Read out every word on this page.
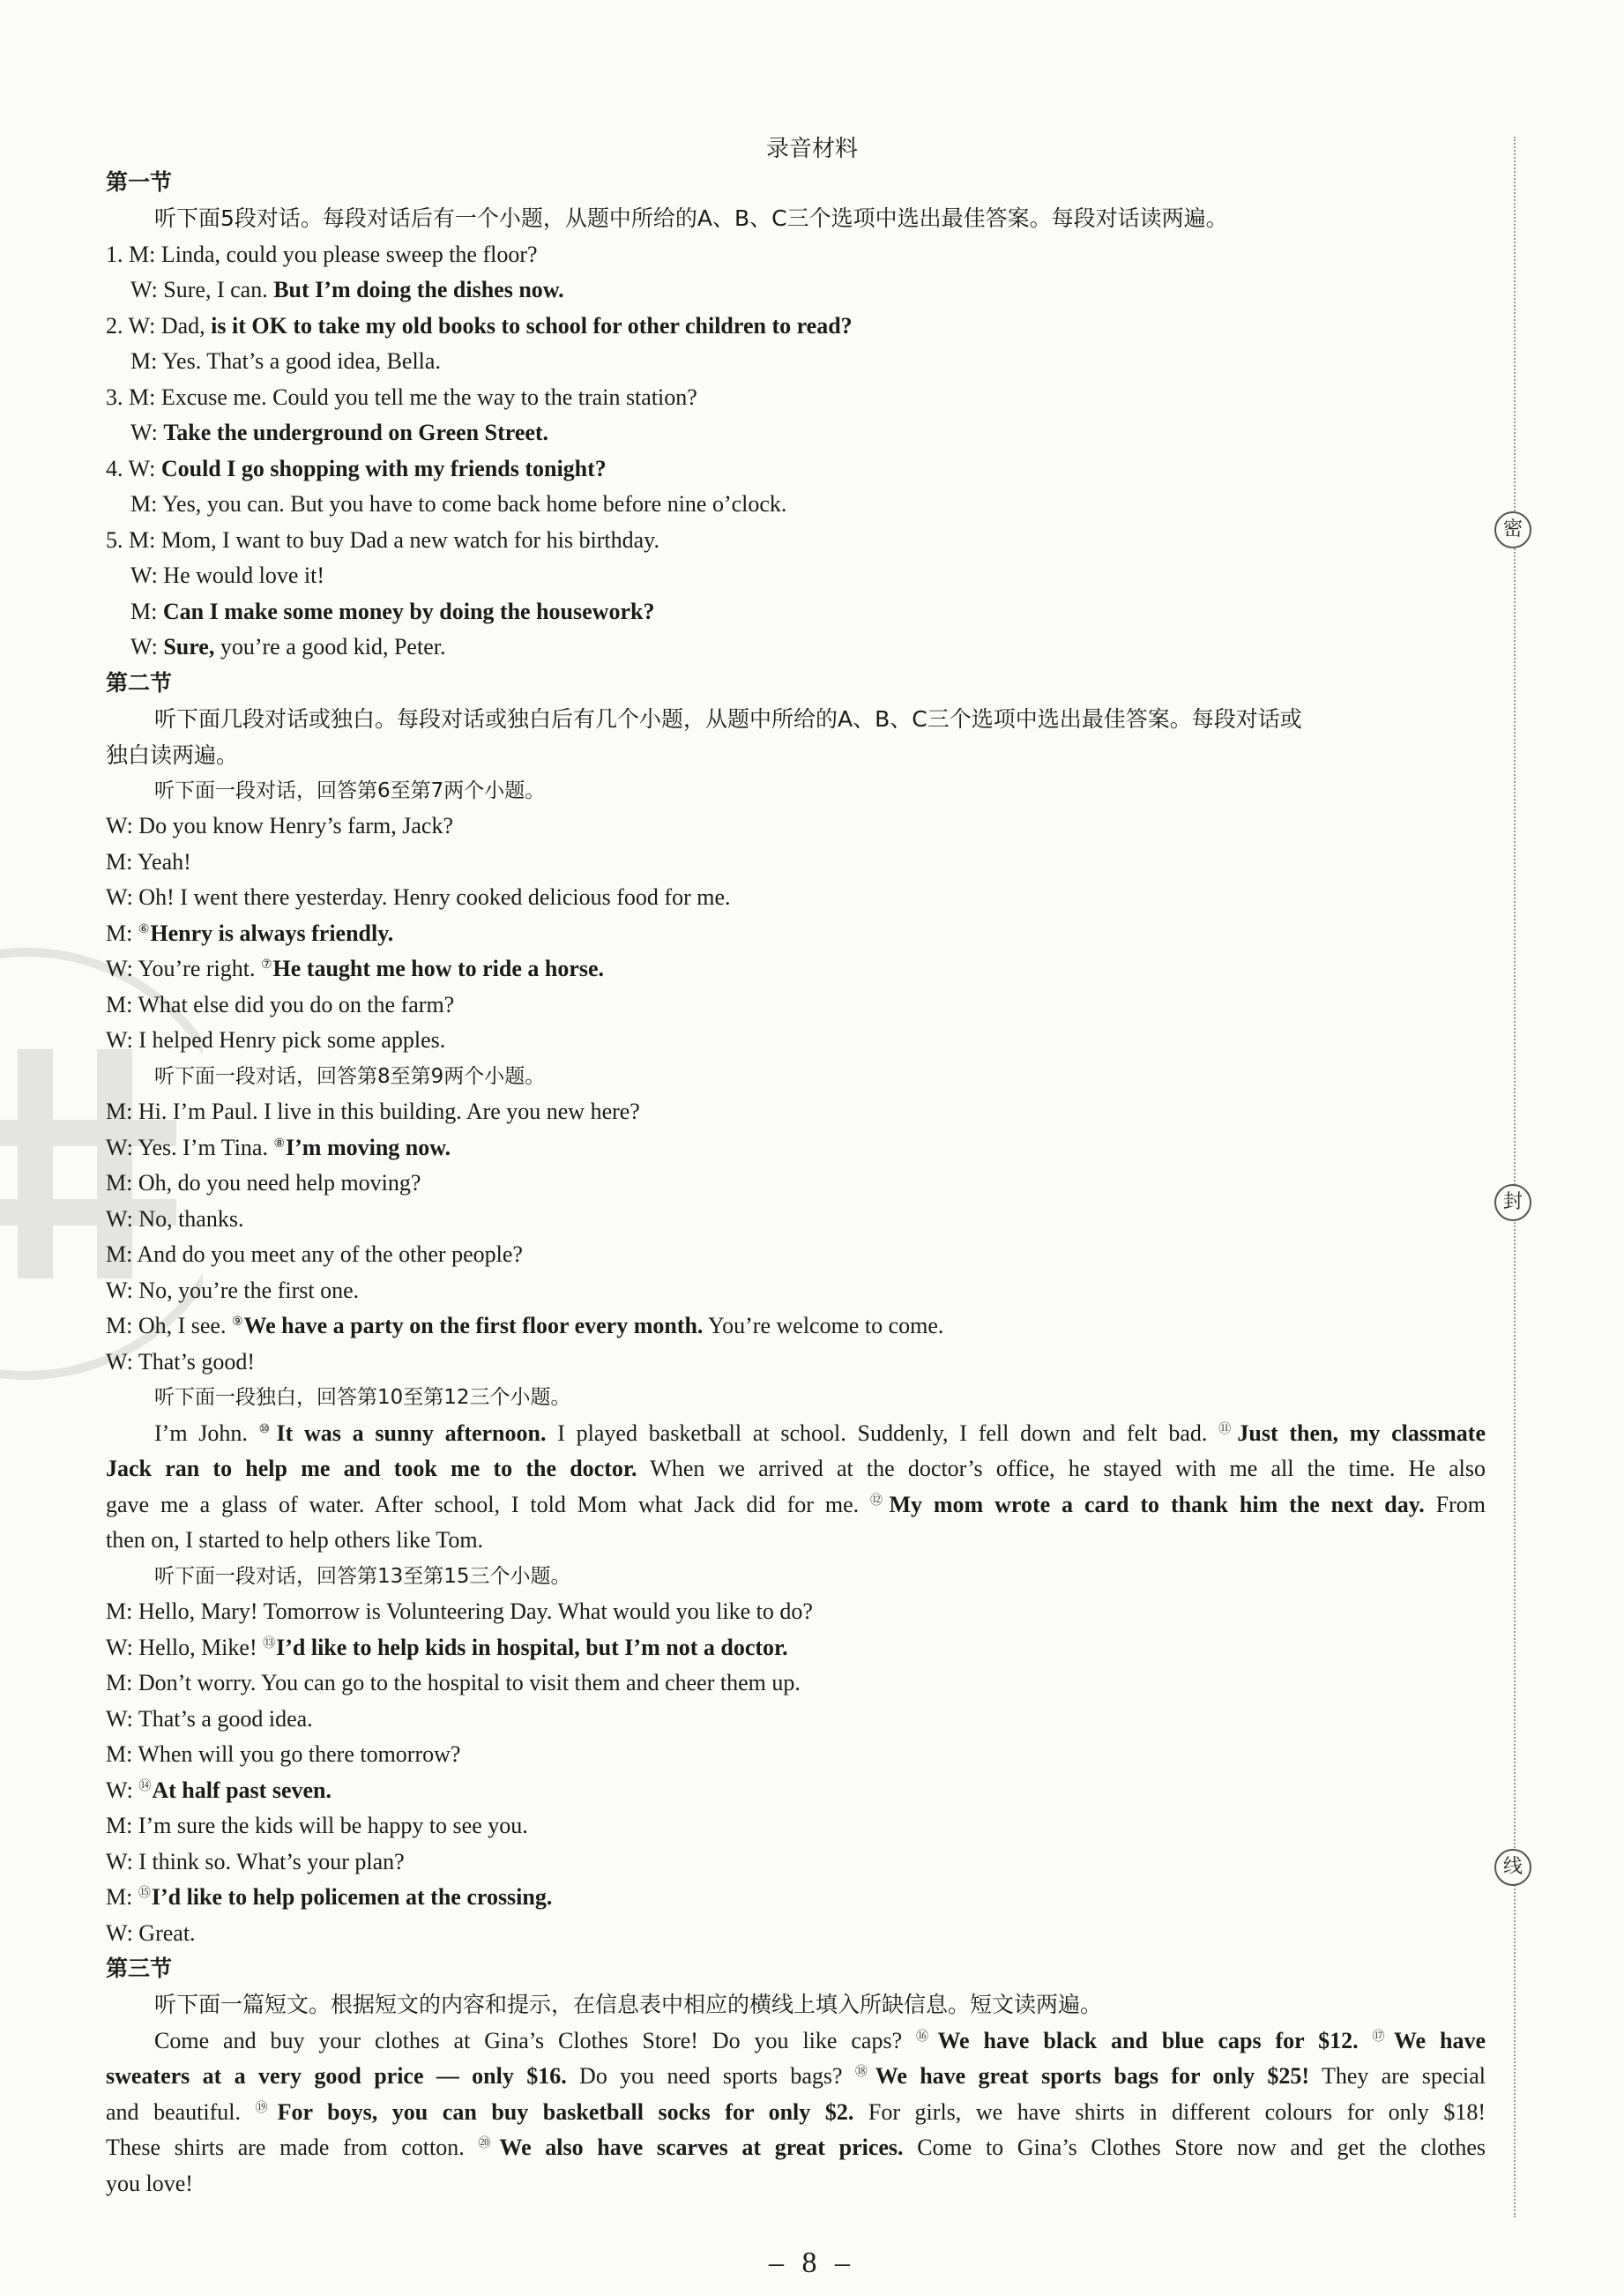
密
封
线
录音材料
第一节
听下面5段对话。每段对话后有一个小题，从题中所给的A、B、C三个选项中选出最佳答案。每段对话读两遍。
1. M: Linda, could you please sweep the floor?
W: Sure, I can. But I’m doing the dishes now.
2. W: Dad, is it OK to take my old books to school for other children to read?
M: Yes. That’s a good idea, Bella.
3. M: Excuse me. Could you tell me the way to the train station?
W: Take the underground on Green Street.
4. W: Could I go shopping with my friends tonight?
M: Yes, you can. But you have to come back home before nine o’clock.
5. M: Mom, I want to buy Dad a new watch for his birthday.
W: He would love it!
M: Can I make some money by doing the housework?
W: Sure, you’re a good kid, Peter.
第二节
听下面几段对话或独白。每段对话或独白后有几个小题，从题中所给的A、B、C三个选项中选出最佳答案。每段对话或
独白读两遍。
听下面一段对话，回答第6至第7两个小题。
W: Do you know Henry’s farm, Jack?
M: Yeah!
W: Oh! I went there yesterday. Henry cooked delicious food for me.
M: ⑥Henry is always friendly.
W: You’re right. ⑦He taught me how to ride a horse.
M: What else did you do on the farm?
W: I helped Henry pick some apples.
听下面一段对话，回答第8至第9两个小题。
M: Hi. I’m Paul. I live in this building. Are you new here?
W: Yes. I’m Tina. ⑧I’m moving now.
M: Oh, do you need help moving?
W: No, thanks.
M: And do you meet any of the other people?
W: No, you’re the first one.
M: Oh, I see. ⑨We have a party on the first floor every month. You’re welcome to come.
W: That’s good!
听下面一段独白，回答第10至第12三个小题。
I’m John. ⑩It was a sunny afternoon. I played basketball at school. Suddenly, I fell down and felt bad. ⑪Just then, my classmate
Jack ran to help me and took me to the doctor. When we arrived at the doctor’s office, he stayed with me all the time. He also
gave me a glass of water. After school, I told Mom what Jack did for me. ⑫My mom wrote a card to thank him the next day. From
then on, I started to help others like Tom.
听下面一段对话，回答第13至第15三个小题。
M: Hello, Mary! Tomorrow is Volunteering Day. What would you like to do?
W: Hello, Mike! ⑬I’d like to help kids in hospital, but I’m not a doctor.
M: Don’t worry. You can go to the hospital to visit them and cheer them up.
W: That’s a good idea.
M: When will you go there tomorrow?
W: ⑭At half past seven.
M: I’m sure the kids will be happy to see you.
W: I think so. What’s your plan?
M: ⑮I’d like to help policemen at the crossing.
W: Great.
第三节
听下面一篇短文。根据短文的内容和提示，在信息表中相应的横线上填入所缺信息。短文读两遍。
Come and buy your clothes at Gina’s Clothes Store! Do you like caps? ⑯We have black and blue caps for $12. ⑰We have
sweaters at a very good price — only $16. Do you need sports bags? ⑱We have great sports bags for only $25! They are special
and beautiful. ⑲For boys, you can buy basketball socks for only $2. For girls, we have shirts in different colours for only $18!
These shirts are made from cotton. ⑳We also have scarves at great prices. Come to Gina’s Clothes Store now and get the clothes
you love!
– 8 –
